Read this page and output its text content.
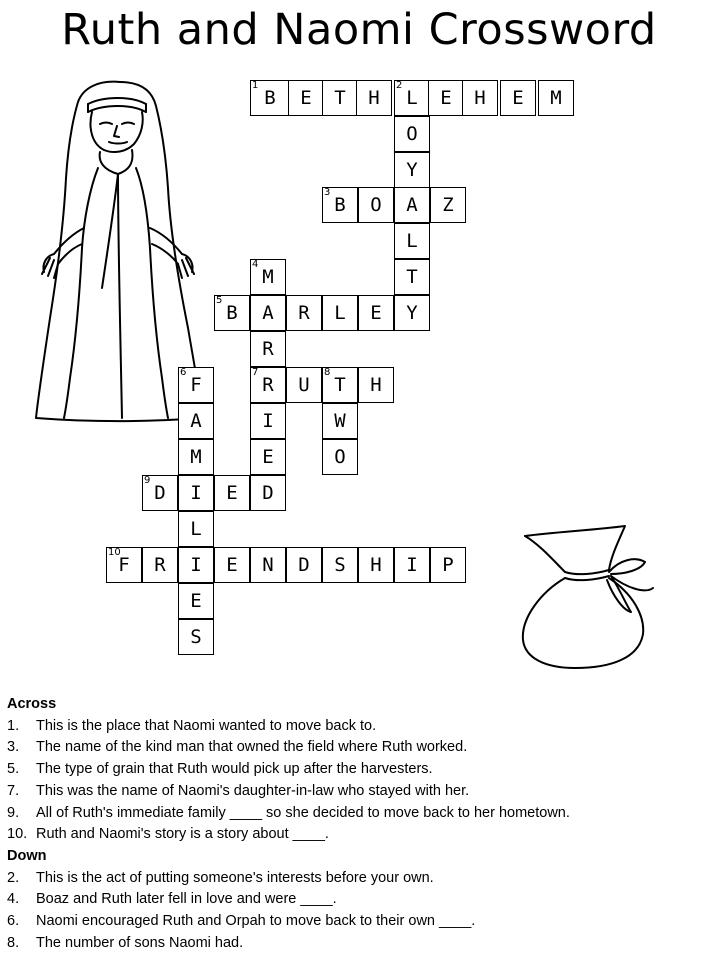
Ruth and Naomi Crossword
1
B	E	T	H
2
L	E	H	E	M
O
Y
3
B	O	A	Z
L
T
4
M
5
B	A	R	L	E	Y
R
6
F
7
R	U
8
T	H
A	I	W
M	E	O
9
D	I	E	D
L
10
F	R	I	E	N	D	S	H	I	P
E
S
Across
1.	This is the place that Naomi wanted to move back to.
3.	The name of the kind man that owned the field where Ruth worked.
5.	The type of grain that Ruth would pick up after the harvesters.
7.	This was the name of Naomi's daughter-in-law who stayed with her.
9.	All of Ruth's immediate family ____ so she decided to move back to her hometown.
10. Ruth and Naomi's story is a story about ____.
Down
2.	This is the act of putting someone's interests before your own.
4.	Boaz and Ruth later fell in love and were ____.
6.	Naomi encouraged Ruth and Orpah to move back to their own ____.
8.	The number of sons Naomi had.
